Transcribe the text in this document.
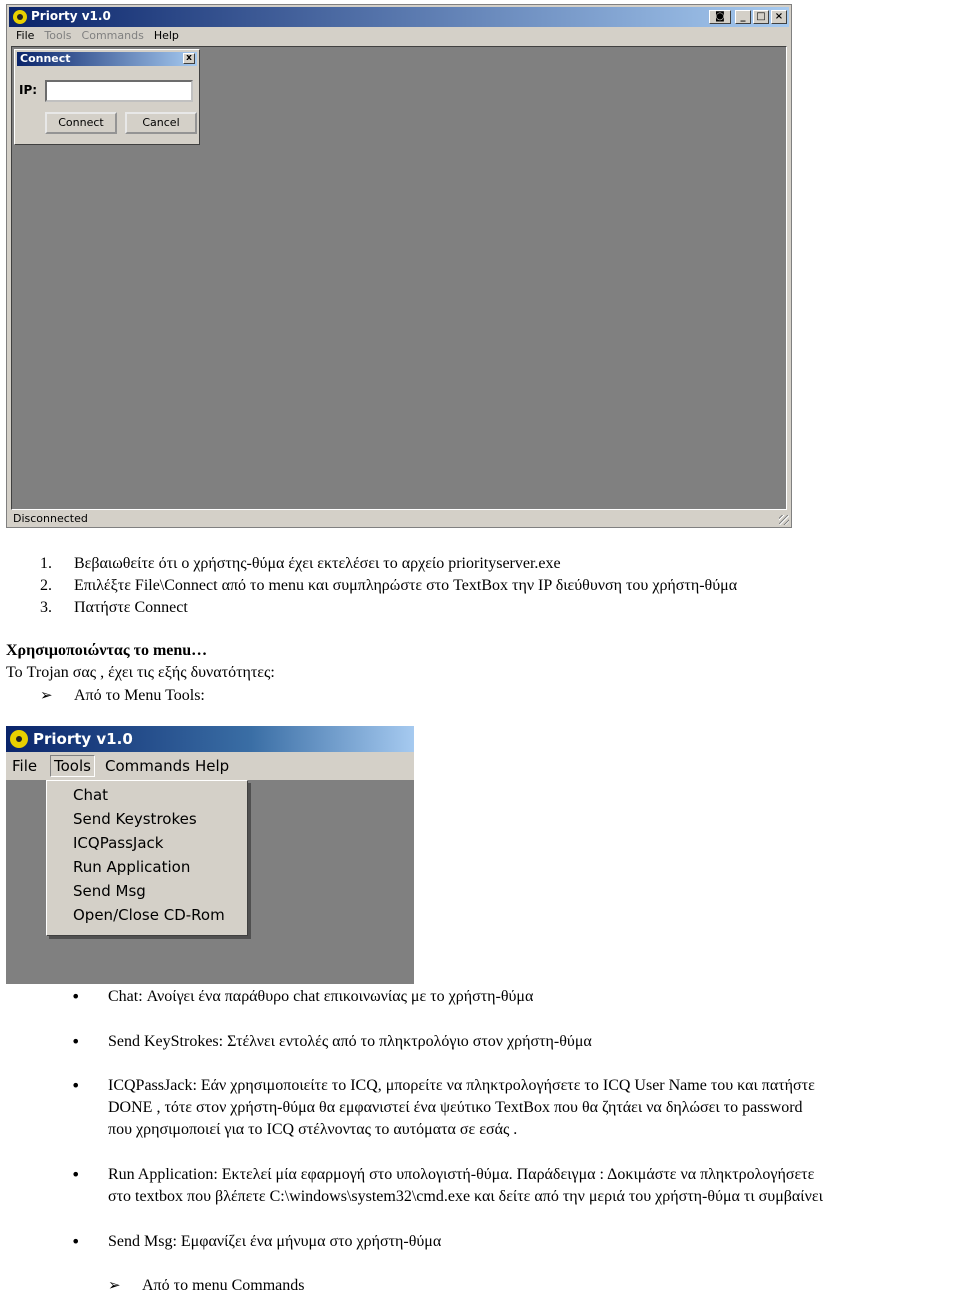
Priorty v1.0	◙	_	□ ×
File Tools Commands Help
Connect	x
IP:
Connect	Cancel
Disconnected
1. Βεβαιωθείτε ότι ο χρήστης-θύμα έχει εκτελέσει το αρχείο priorityserver.exe
2. Επιλέξτε File\Connect από το menu και συμπληρώστε στο TextBox την IP διεύθυνση του χρήστη-θύμα
3. Πατήστε Connect
Χρησιμοποιώντας το menu…
Το Trojan σας , έχει τις εξής δυνατότητες:
➢ Από το Menu Tools:
Priorty v1.0
File Tools Commands Help
Chat
Send Keystrokes
ICQPassJack
Run Application
Send Msg
Open/Close CD-Rom
Chat: Ανοίγει ένα παράθυρο chat επικοινωνίας με το χρήστη-θύμα
Send KeyStrokes: Στέλνει εντολές από το πληκτρολόγιο στον χρήστη-θύμα
• ICQPassJack: Εάν χρησιμοποιείτε το ICQ, μπορείτε να πληκτρολογήσετε το ICQ User Name του και πατήστε
DONE , τότε στον χρήστη-θύμα θα εμφανιστεί ένα ψεύτικο TextBox που θα ζητάει να δηλώσει το password
που χρησιμοποιεί για το ICQ στέλνοντας το αυτόματα σε εσάς .
• Run Application: Εκτελεί μία εφαρμογή στο υπολογιστή-θύμα. Παράδειγμα : Δοκιμάστε να πληκτρολογήσετε
στο textbox που βλέπετε C:\windows\system32\cmd.exe και δείτε από την μεριά του χρήστη-θύμα τι συμβαίνει
Send Msg: Εμφανίζει ένα μήνυμα στο χρήστη-θύμα
➢ Από το menu Commands
